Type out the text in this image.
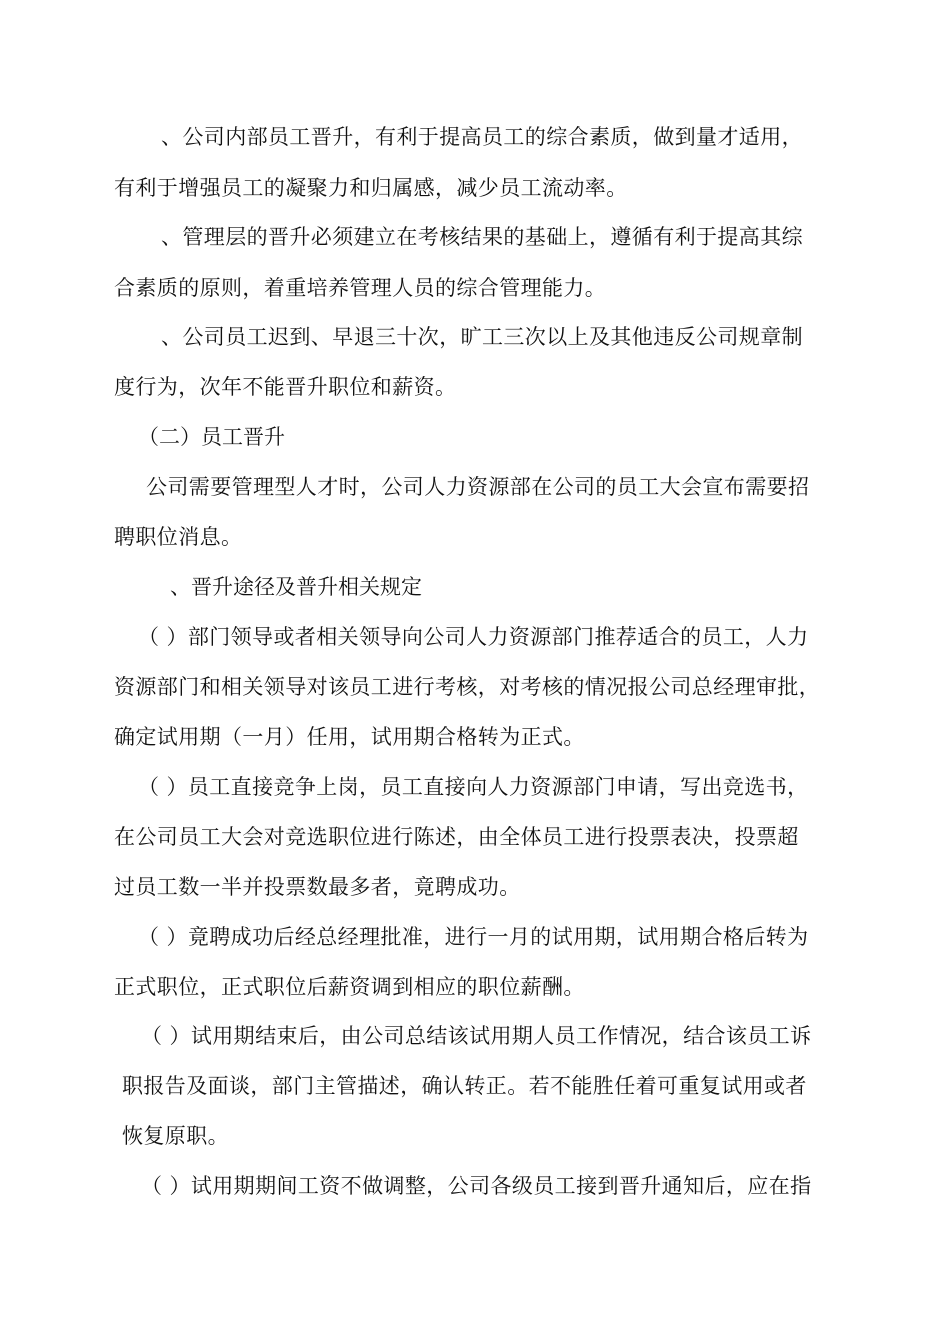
、公司内部员工晋升，有利于提高员工的综合素质，做到量才适用，
有利于增强员工的凝聚力和归属感，减少员工流动率。
、管理层的晋升必须建立在考核结果的基础上，遵循有利于提高其综
合素质的原则，着重培养管理人员的综合管理能力。
、公司员工迟到、早退三十次，旷工三次以上及其他违反公司规章制
度行为，次年不能晋升职位和薪资。
（二）员工晋升
公司需要管理型人才时，公司人力资源部在公司的员工大会宣布需要招
聘职位消息。
、晋升途径及普升相关规定
（ ）部门领导或者相关领导向公司人力资源部门推荐适合的员工，人力
资源部门和相关领导对该员工进行考核，对考核的情况报公司总经理审批，
确定试用期（一月）任用，试用期合格转为正式。
（ ）员工直接竞争上岗，员工直接向人力资源部门申请，写出竞选书，
在公司员工大会对竞选职位进行陈述，由全体员工进行投票表决，投票超
过员工数一半并投票数最多者，竟聘成功。
（ ）竟聘成功后经总经理批准，进行一月的试用期，试用期合格后转为
正式职位，正式职位后薪资调到相应的职位薪酬。
（ ）试用期结束后，由公司总结该试用期人员工作情况，结合该员工诉
职报告及面谈，部门主管描述，确认转正。若不能胜任着可重复试用或者
恢复原职。
（ ）试用期期间工资不做调整，公司各级员工接到晋升通知后，应在指
